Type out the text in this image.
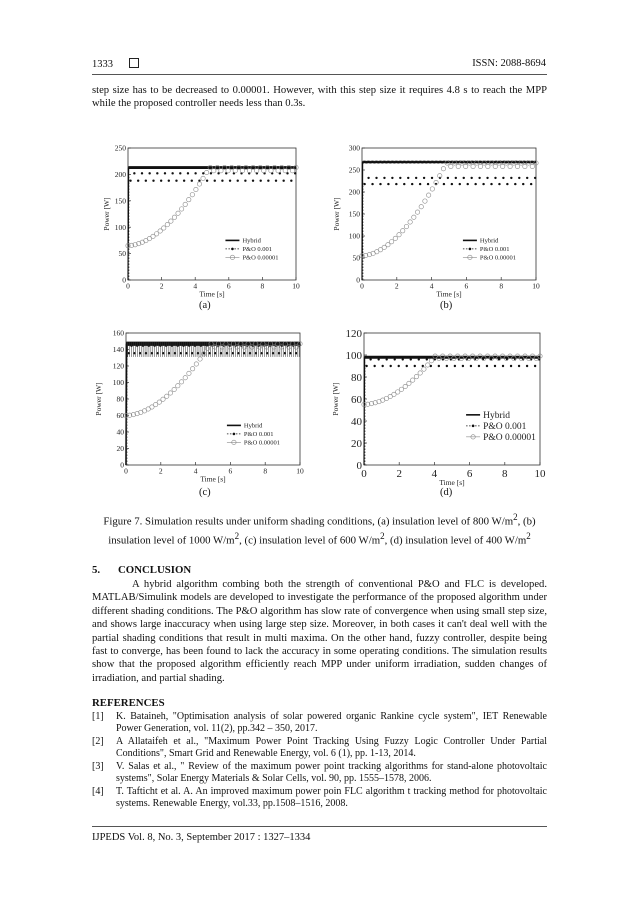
1333	ISSN: 2088-8694
step size has to be decreased to 0.00001. However, with this step size it requires 4.8 s to reach the MPP while the proposed controller needs less than 0.3s.
0	2	4	6	8	10
0
50
100
150
200
250
Time [s]
Power [W]
Hybrid
P&O 0.001
P&O 0.00001
(a)
0	2	4	6	8	10
0
50
100
150
200
250
300
Time [s]
Power [W]
Hybrid
P&O 0.001
P&O 0.00001
(b)
0	2	4	6	8	10
0
20
40
60
80
100
120
140
160
Time [s]
Power [W]
Hybrid
P&O 0.001
P&O 0.00001
(c)
0	2	4	6	8 10
0
20
40
60
80
100
120
Time [s]
Power [W]
Hybrid
P&O 0.001
P&O 0.00001
(d)
Figure 7. Simulation results under uniform shading conditions, (a) insulation level of 800 $W/m^2$, (b) insulation level of 1000 $W/m^2$, (c) insulation level of 600 $W/m^2$, (d) insulation level of 400 $W/m^2$
5. CONCLUSION
A hybrid algorithm combing both the strength of conventional P&O and FLC is developed. MATLAB/Simulink models are developed to investigate the performance of the proposed algorithm under different shading conditions. The P&O algorithm has slow rate of convergence when using small step size, and shows large inaccuracy when using large step size. Moreover, in both cases it can't deal well with the partial shading conditions that result in multi maxima. On the other hand, fuzzy controller, despite being fast to converge, has been found to lack the accuracy in some operating conditions. The simulation results show that the proposed algorithm efficiently reach MPP under uniform irradiation, sudden changes of irradiation, and partial shading.
REFERENCES
[1] K. Bataineh, "Optimisation analysis of solar powered organic Rankine cycle system", IET Renewable Power Generation, vol. 11(2), pp.342 – 350, 2017.
[2] A Allataifeh et al., "Maximum Power Point Tracking Using Fuzzy Logic Controller Under Partial Conditions", Smart Grid and Renewable Energy, vol. 6 (1), pp. 1-13, 2014.
[3] V. Salas et al., " Review of the maximum power point tracking algorithms for stand-alone photovoltaic systems", Solar Energy Materials & Solar Cells, vol. 90, pp. 1555–1578, 2006.
[4] T. Tafticht et al. A. An improved maximum power poin FLC algorithm t tracking method for photovoltaic systems. Renewable Energy, vol.33, pp.1508–1516, 2008.
IJPEDS Vol. 8, No. 3, September 2017 : 1327–1334
